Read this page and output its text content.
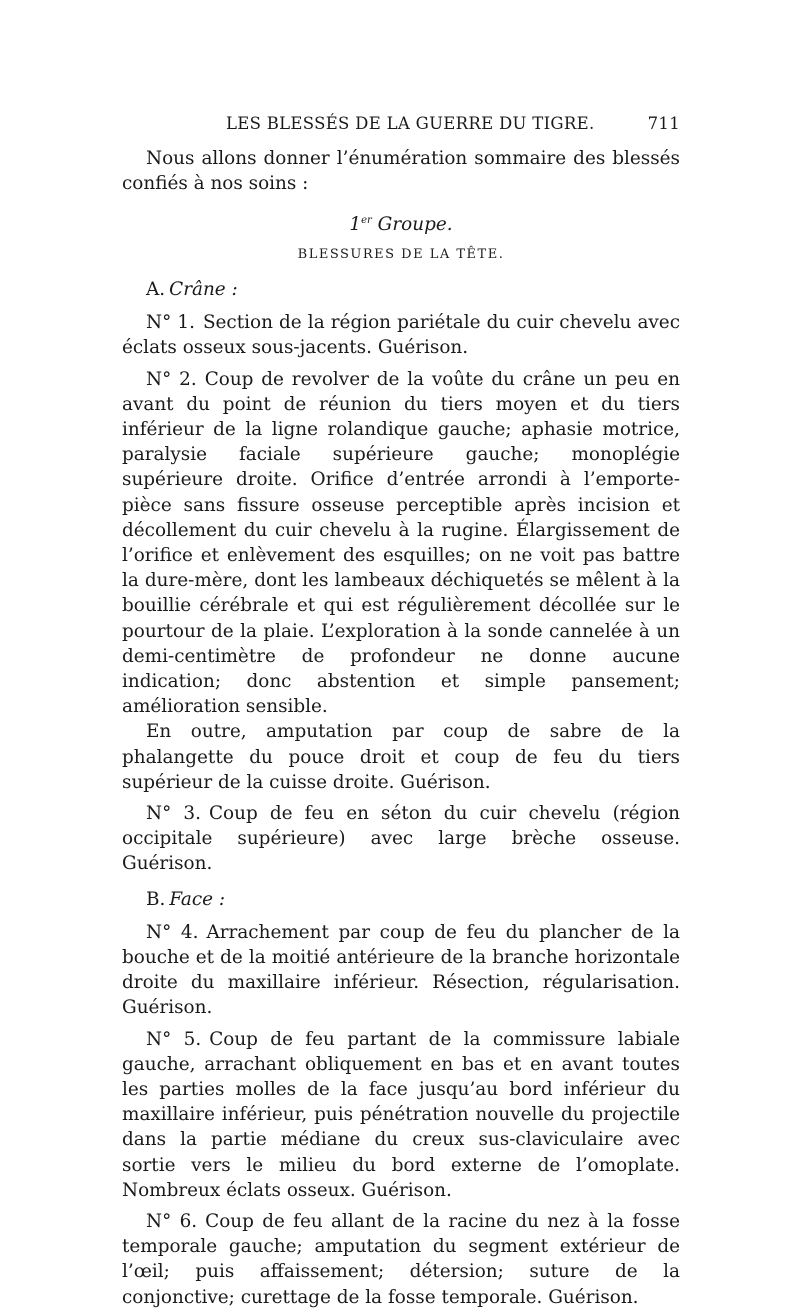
LES BLESSÉS DE LA GUERRE DU TIGRE.	711

Nous allons donner l’énumération sommaire des blessés confiés à nos soins :

1er Groupe.
BLESSURES DE LA TÊTE.

A. Crâne :

N° 1. Section de la région pariétale du cuir chevelu avec éclats osseux sous-jacents. Guérison.

N° 2. Coup de revolver de la voûte du crâne un peu en avant du point de réunion du tiers moyen et du tiers inférieur de la ligne rolandique gauche; aphasie motrice, paralysie faciale supérieure gauche; monoplégie supérieure droite. Orifice d’entrée arrondi à l’emporte-pièce sans fissure osseuse perceptible après incision et décollement du cuir chevelu à la rugine. Élargissement de l’orifice et enlèvement des esquilles; on ne voit pas battre la dure-mère, dont les lambeaux déchiquetés se mêlent à la bouillie cérébrale et qui est régulièrement décollée sur le pourtour de la plaie. L’exploration à la sonde cannelée à un demi-centimètre de profondeur ne donne aucune indication; donc abstention et simple pansement; amélioration sensible.

En outre, amputation par coup de sabre de la phalangette du pouce droit et coup de feu du tiers supérieur de la cuisse droite. Guérison.

N° 3. Coup de feu en séton du cuir chevelu (région occipitale supérieure) avec large brèche osseuse. Guérison.

B. Face :

N° 4. Arrachement par coup de feu du plancher de la bouche et de la moitié antérieure de la branche horizontale droite du maxillaire inférieur. Résection, régularisation. Guérison.

N° 5. Coup de feu partant de la commissure labiale gauche, arrachant obliquement en bas et en avant toutes les parties molles de la face jusqu’au bord inférieur du maxillaire inférieur, puis pénétration nouvelle du projectile dans la partie médiane du creux sus-claviculaire avec sortie vers le milieu du bord externe de l’omoplate. Nombreux éclats osseux. Guérison.

N° 6. Coup de feu allant de la racine du nez à la fosse temporale gauche; amputation du segment extérieur de l’œil; puis affaissement; détersion; suture de la conjonctive; curettage de la fosse temporale. Guérison.
